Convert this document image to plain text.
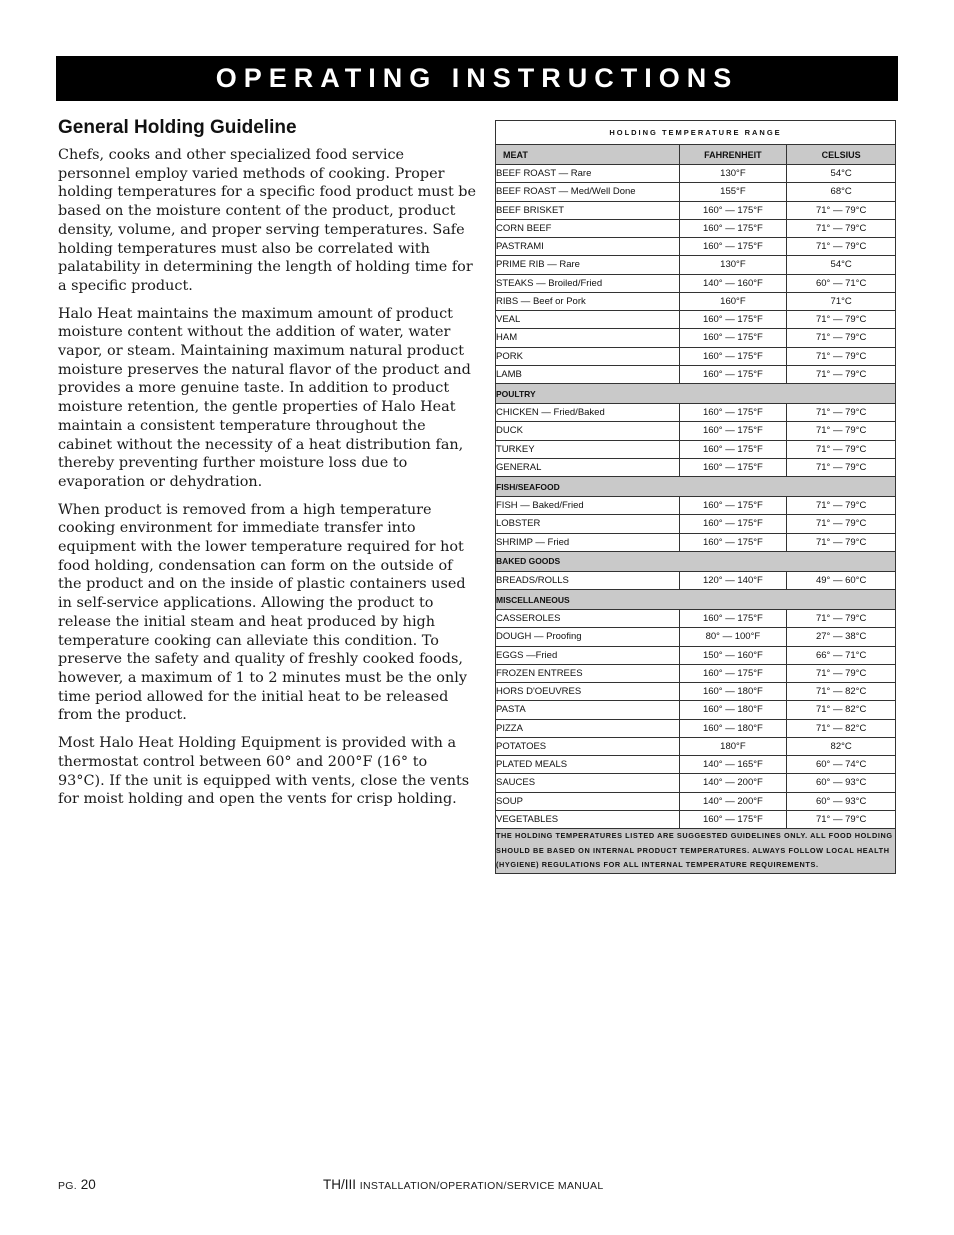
OPERATING INSTRUCTIONS
General Holding Guideline

Chefs, cooks and other specialized food service personnel employ varied methods of cooking. Proper holding temperatures for a specific food product must be based on the moisture content of the product, product density, volume, and proper serving temperatures. Safe holding temperatures must also be correlated with palatability in determining the length of holding time for a specific product.

Halo Heat maintains the maximum amount of product moisture content without the addition of water, water vapor, or steam. Maintaining maximum natural product moisture preserves the natural flavor of the product and provides a more genuine taste. In addition to product moisture retention, the gentle properties of Halo Heat maintain a consistent temperature throughout the cabinet without the necessity of a heat distribution fan, thereby preventing further moisture loss due to evaporation or dehydration.

When product is removed from a high temperature cooking environment for immediate transfer into equipment with the lower temperature required for hot food holding, condensation can form on the outside of the product and on the inside of plastic containers used in self-service applications. Allowing the product to release the initial steam and heat produced by high temperature cooking can alleviate this condition. To preserve the safety and quality of freshly cooked foods, however, a maximum of 1 to 2 minutes must be the only time period allowed for the initial heat to be released from the product.

Most Halo Heat Holding Equipment is provided with a thermostat control between 60° and 200°F (16° to 93°C). If the unit is equipped with vents, close the vents for moist holding and open the vents for crisp holding.

HOLDING TEMPERATURE RANGE		
MEAT	FAHRENHEIT	CELSIUS
BEEF ROAST — Rare	130°F	54°C
BEEF ROAST — Med/Well Done	155°F	68°C
BEEF BRISKET	160° — 175°F	71° — 79°C
CORN BEEF	160° — 175°F	71° — 79°C
PASTRAMI	160° — 175°F	71° — 79°C
PRIME RIB — Rare	130°F	54°C
STEAKS — Broiled/Fried	140° — 160°F	60° — 71°C
RIBS — Beef or Pork	160°F	71°C
VEAL	160° — 175°F	71° — 79°C
HAM	160° — 175°F	71° — 79°C
PORK	160° — 175°F	71° — 79°C
LAMB	160° — 175°F	71° — 79°C
POULTRY		
CHICKEN — Fried/Baked	160° — 175°F	71° — 79°C
DUCK	160° — 175°F	71° — 79°C
TURKEY	160° — 175°F	71° — 79°C
GENERAL	160° — 175°F	71° — 79°C
FISH/SEAFOOD		
FISH — Baked/Fried	160° — 175°F	71° — 79°C
LOBSTER	160° — 175°F	71° — 79°C
SHRIMP — Fried	160° — 175°F	71° — 79°C
BAKED GOODS		
BREADS/ROLLS	120° — 140°F	49° — 60°C
MISCELLANEOUS		
CASSEROLES	160° — 175°F	71° — 79°C
DOUGH — Proofing	80° — 100°F	27° — 38°C
EGGS —Fried	150° — 160°F	66° — 71°C
FROZEN ENTREES	160° — 175°F	71° — 79°C
HORS D'OEUVRES	160° — 180°F	71° — 82°C
PASTA	160° — 180°F	71° — 82°C
PIZZA	160° — 180°F	71° — 82°C
POTATOES	180°F	82°C
PLATED MEALS	140° — 165°F	60° — 74°C
SAUCES	140° — 200°F	60° — 93°C
SOUP	140° — 200°F	60° — 93°C
VEGETABLES	160° — 175°F	71° — 79°C
THE HOLDING TEMPERATURES LISTED ARE SUGGESTED GUIDELINES ONLY. ALL FOOD HOLDING SHOULD BE BASED ON INTERNAL PRODUCT TEMPERATURES. ALWAYS FOLLOW LOCAL HEALTH (HYGIENE) REGULATIONS FOR ALL INTERNAL TEMPERATURE REQUIREMENTS.		
PG. 20	TH/III INSTALLATION/OPERATION/SERVICE MANUAL
